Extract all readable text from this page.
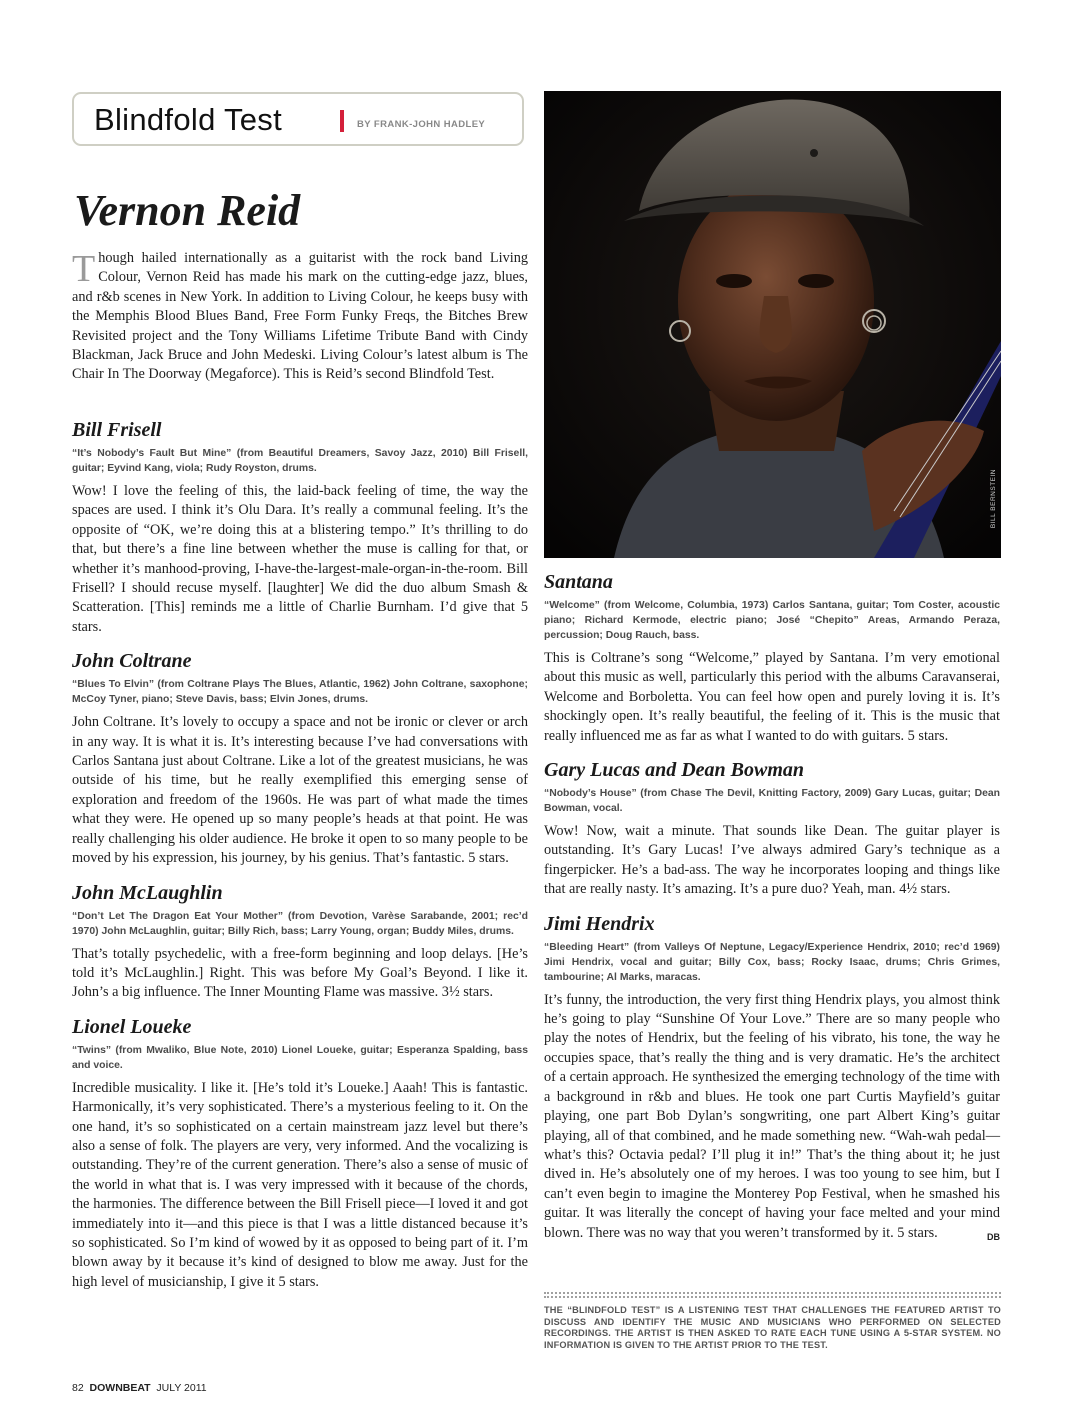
Blindfold Test	BY FRANK-JOHN HADLEY
Vernon Reid
T hough hailed internationally as a guitarist with the rock band Living Colour, Vernon Reid has made his mark on the cutting-edge jazz, blues, and r&b scenes in New York. In addition to Living Colour, he keeps busy with the Memphis Blood Blues Band, Free Form Funky Freqs, the Bitches Brew Revisited project and the Tony Williams Lifetime Tribute Band with Cindy Blackman, Jack Bruce and John Medeski. Living Colour’s latest album is The Chair In The Doorway (Megaforce). This is Reid’s second Blindfold Test.
Bill Frisell
“It’s Nobody’s Fault But Mine” (from Beautiful Dreamers, Savoy Jazz, 2010) Bill Frisell, guitar; Eyvind Kang, viola; Rudy Royston, drums.
Wow! I love the feeling of this, the laid-back feeling of time, the way the spaces are used. I think it’s Olu Dara. It’s really a communal feeling. It’s the opposite of “OK, we’re doing this at a blistering tempo.” It’s thrilling to do that, but there’s a fine line between whether the muse is calling for that, or whether it’s manhood-proving, I-have-the-largest-male-organ-in-the-room. Bill Frisell? I should recuse myself. [laughter] We did the duo album Smash & Scatteration. [This] reminds me a little of Charlie Burnham. I’d give that 5 stars.
John Coltrane
“Blues To Elvin” (from Coltrane Plays The Blues, Atlantic, 1962) John Coltrane, saxophone; McCoy Tyner, piano; Steve Davis, bass; Elvin Jones, drums.
John Coltrane. It’s lovely to occupy a space and not be ironic or clever or arch in any way. It is what it is. It’s interesting because I’ve had conversations with Carlos Santana just about Coltrane. Like a lot of the greatest musicians, he was outside of his time, but he really exemplified this emerging sense of exploration and freedom of the 1960s. He was part of what made the times what they were. He opened up so many people’s heads at that point. He was really challenging his older audience. He broke it open to so many people to be moved by his expression, his journey, by his genius. That’s fantastic. 5 stars.
John McLaughlin
“Don’t Let The Dragon Eat Your Mother” (from Devotion, Varèse Sarabande, 2001; rec’d 1970) John McLaughlin, guitar; Billy Rich, bass; Larry Young, organ; Buddy Miles, drums.
That’s totally psychedelic, with a free-form beginning and loop delays. [He’s told it’s McLaughlin.] Right. This was before My Goal’s Beyond. I like it. John’s a big influence. The Inner Mounting Flame was massive. 3½ stars.
Lionel Loueke
“Twins” (from Mwaliko, Blue Note, 2010) Lionel Loueke, guitar; Esperanza Spalding, bass and voice.
Incredible musicality. I like it. [He’s told it’s Loueke.] Aaah! This is fantastic. Harmonically, it’s very sophisticated. There’s a mysterious feeling to it. On the one hand, it’s so sophisticated on a certain mainstream jazz level but there’s also a sense of folk. The players are very, very informed. And the vocalizing is outstanding. They’re of the current generation. There’s also a sense of music of the world in what that is. I was very impressed with it because of the chords, the harmonies. The difference between the Bill Frisell piece—I loved it and got immediately into it—and this piece is that I was a little distanced because it’s so sophisticated. So I’m kind of wowed by it as opposed to being part of it. I’m blown away by it because it’s kind of designed to blow me away. Just for the high level of musicianship, I give it 5 stars.
BILL BERNSTEIN
Santana
“Welcome” (from Welcome, Columbia, 1973) Carlos Santana, guitar; Tom Coster, acoustic piano; Richard Kermode, electric piano; José “Chepito” Areas, Armando Peraza, percussion; Doug Rauch, bass.
This is Coltrane’s song “Welcome,” played by Santana. I’m very emotional about this music as well, particularly this period with the albums Caravanserai, Welcome and Borboletta. You can feel how open and purely loving it is. It’s shockingly open. It’s really beautiful, the feeling of it. This is the music that really influenced me as far as what I wanted to do with guitars. 5 stars.
Gary Lucas and Dean Bowman
“Nobody’s House” (from Chase The Devil, Knitting Factory, 2009) Gary Lucas, guitar; Dean Bowman, vocal.
Wow! Now, wait a minute. That sounds like Dean. The guitar player is outstanding. It’s Gary Lucas! I’ve always admired Gary’s technique as a fingerpicker. He’s a bad-ass. The way he incorporates looping and things like that are really nasty. It’s amazing. It’s a pure duo? Yeah, man. 4½ stars.
Jimi Hendrix
“Bleeding Heart” (from Valleys Of Neptune, Legacy/Experience Hendrix, 2010; rec’d 1969) Jimi Hendrix, vocal and guitar; Billy Cox, bass; Rocky Isaac, drums; Chris Grimes, tambourine; Al Marks, maracas.
It’s funny, the introduction, the very first thing Hendrix plays, you almost think he’s going to play “Sunshine Of Your Love.” There are so many people who play the notes of Hendrix, but the feeling of his vibrato, his tone, the way he occupies space, that’s really the thing and is very dramatic. He’s the architect of a certain approach. He synthesized the emerging technology of the time with a background in r&b and blues. He took one part Curtis Mayfield’s guitar playing, one part Bob Dylan’s songwriting, one part Albert King’s guitar playing, all of that combined, and he made something new. “Wah-wah pedal—what’s this? Octavia pedal? I’ll plug it in!” That’s the thing about it; he just dived in. He’s absolutely one of my heroes. I was too young to see him, but I can’t even begin to imagine the Monterey Pop Festival, when he smashed his guitar. It was literally the concept of having your face melted and your mind blown. There was no way that you weren’t transformed by it. 5 stars.	DB
THE “BLINDFOLD TEST” IS A LISTENING TEST THAT CHALLENGES THE FEATURED ARTIST TO DISCUSS AND IDENTIFY THE MUSIC AND MUSICIANS WHO PERFORMED ON SELECTED RECORDINGS. THE ARTIST IS THEN ASKED TO RATE EACH TUNE USING A 5-STAR SYSTEM. NO INFORMATION IS GIVEN TO THE ARTIST PRIOR TO THE TEST.
82 DOWNBEAT JULY 2011
